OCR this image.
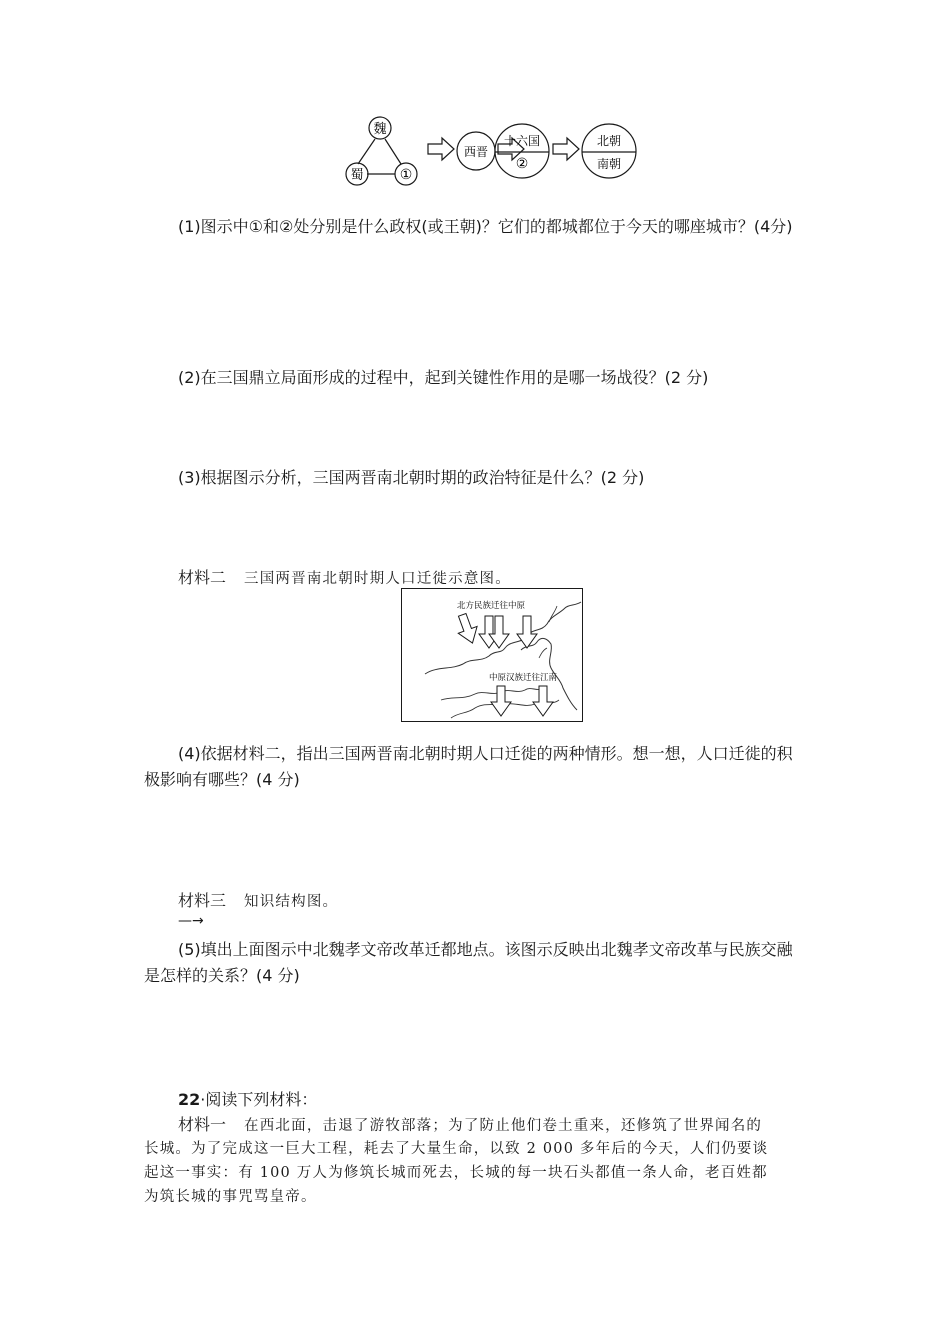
魏
蜀	①
西晋
十六国
②
北朝
南朝
(1)图示中①和②处分别是什么政权(或王朝)？它们的都城都位于今天的哪座城市？(4分)
(2)在三国鼎立局面形成的过程中，起到关键性作用的是哪一场战役？(2 分)
(3)根据图示分析，三国两晋南北朝时期的政治特征是什么？(2 分)
材料二 三国两晋南北朝时期人口迁徙示意图。
北方民族迁往中原
中原汉族迁往江南
(4)依据材料二，指出三国两晋南北朝时期人口迁徙的两种情形。想一想，人口迁徙的积极影响有哪些？(4 分)
材料三 知识结构图。
—→
(5)填出上面图示中北魏孝文帝改革迁都地点。该图示反映出北魏孝文帝改革与民族交融是怎样的关系？(4 分)
22·阅读下列材料：
材料一 在西北面，击退了游牧部落；为了防止他们卷土重来，还修筑了世界闻名的
长城。为了完成这一巨大工程，耗去了大量生命，以致 2 000 多年后的今天，人们仍要谈
起这一事实：有 100 万人为修筑长城而死去，长城的每一块石头都值一条人命，老百姓都
为筑长城的事咒骂皇帝。
